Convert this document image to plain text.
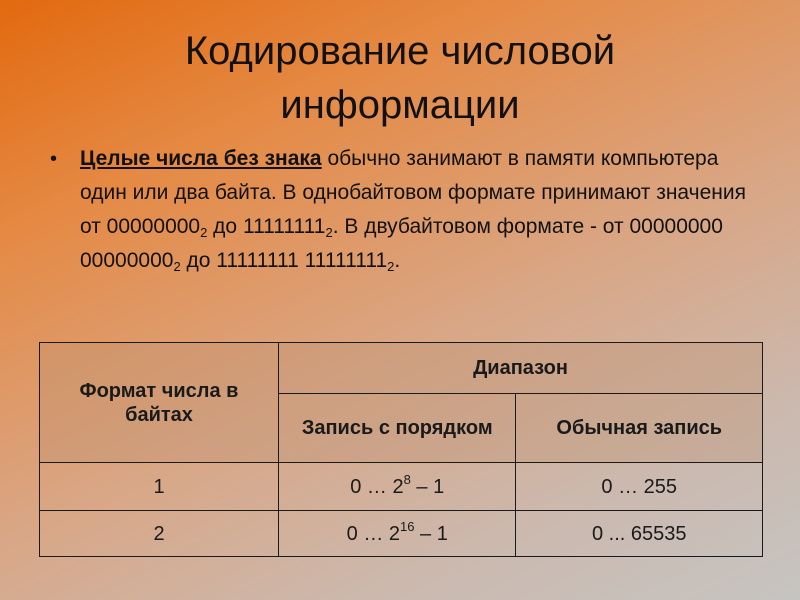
Кодирование числовой
информации
• Целые числа без знака обычно занимают в памяти компьютера один или два байта. В однобайтовом формате принимают значения от $00000000_2$ до $11111111_2$. В двубайтовом формате - от 00000000 $00000000_2$ до 11111111 $11111111_2$.
Формат числа в байтах	Диапазон	
	Запись с порядком	Обычная запись
1	0 … $2^8 - 1$	0 … 255
2	0 … $2^{16} - 1$	0 ... 65535
